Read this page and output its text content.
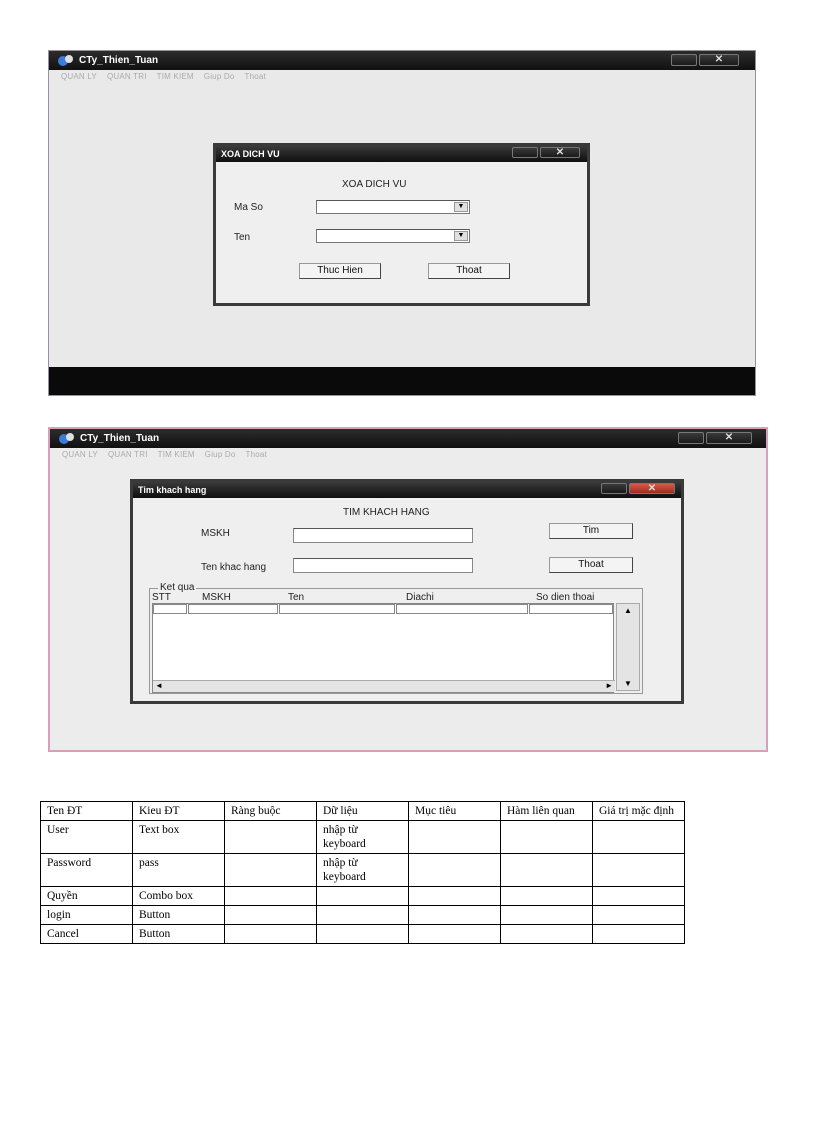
CTy_Thien_Tuan	✕
QUAN LY QUAN TRI TIM KIEM Giup Do Thoat
XOA DICH VU	✕
XOA DICH VU
Ma So	▼
Ten	▼
Thuc Hien	Thoat
CTy_Thien_Tuan	✕
QUAN LY QUAN TRI TIM KIEM Giup Do Thoat
Tim khach hang	✕
TIM KHACH HANG
MSKH	Tim
Ten khac hang	Thoat
Ket qua
STT	MSKH	Ten	Diachi	So dien thoai
◄	►
▲
▼
Ten ĐT	Kieu ĐT	Ràng buộc	Dữ liệu	Mục tiêu	Hàm liên quan	Giá trị mặc định
User	Text box		nhập từ keyboard			
Password	pass		nhập từ keyboard			
Quyền	Combo box					
login	Button					
Cancel	Button					
